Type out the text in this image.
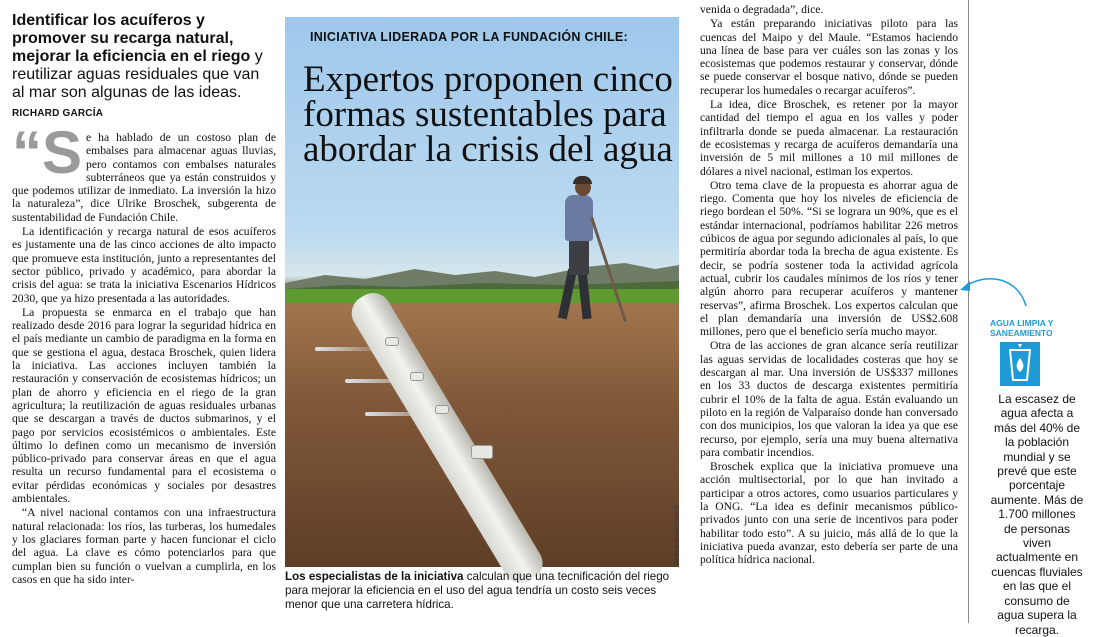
Identificar los acuíferos y promover su recarga natural, mejorar la eficiencia en el riego y reutilizar aguas residuales que van al mar son algunas de las ideas.
RICHARD GARCÍA
“S e ha hablado de un costoso plan de embalses para almacenar aguas lluvias, pero contamos con embalses naturales subterráneos que ya están construidos y que podemos utilizar de inmediato. La inversión la hizo la naturaleza”, dice Ulrike Broschek, subgerenta de sustentabilidad de Fundación Chile.

La identificación y recarga natural de esos acuíferos es justamente una de las cinco acciones de alto impacto que promueve esta institución, junto a representantes del sector público, privado y académico, para abordar la crisis del agua: se trata la iniciativa Escenarios Hídricos 2030, que ya hizo presentada a las autoridades.

La propuesta se enmarca en el trabajo que han realizado desde 2016 para lograr la seguridad hídrica en el país mediante un cambio de paradigma en la forma en que se gestiona el agua, destaca Broschek, quien lidera la iniciativa. Las acciones incluyen también la restauración y conservación de ecosistemas hídricos; un plan de ahorro y eficiencia en el riego de la gran agricultura; la reutilización de aguas residuales urbanas que se descargan a través de ductos submarinos, y el pago por servicios ecosistémicos o ambientales. Este último lo definen como un mecanismo de inversión público-privado para conservar áreas en que el agua resulta un recurso fundamental para el ecosistema o evitar pérdidas económicas y sociales por desastres ambientales.

“A nivel nacional contamos con una infraestructura natural relacionada: los ríos, las turberas, los humedales y los glaciares forman parte y hacen funcionar el ciclo del agua. La clave es cómo potenciarlos para que cumplan bien su función o vuelvan a cumplirla, en los casos en que ha sido inter-

INICIATIVA LIDERADA POR LA FUNDACIÓN CHILE:
Expertos proponen cinco formas sustentables para abordar la crisis del agua
PABLO MARDONES
Los especialistas de la iniciativa calculan que una tecnificación del riego para mejorar la eficiencia en el uso del agua tendría un costo seis veces menor que una carretera hídrica.

venida o degradada”, dice.

Ya están preparando iniciativas piloto para las cuencas del Maipo y del Maule. “Estamos haciendo una línea de base para ver cuáles son las zonas y los ecosistemas que podemos restaurar y conservar, dónde se puede conservar el bosque nativo, dónde se pueden recuperar los humedales o recargar acuíferos”.

La idea, dice Broschek, es retener por la mayor cantidad del tiempo el agua en los valles y poder infiltrarla donde se pueda almacenar. La restauración de ecosistemas y recarga de acuíferos demandaría una inversión de 5 mil millones a 10 mil millones de dólares a nivel nacional, estiman los expertos.

Otro tema clave de la propuesta es ahorrar agua de riego. Comenta que hoy los niveles de eficiencia de riego bordean el 50%. “Si se lograra un 90%, que es el estándar internacional, podríamos habilitar 226 metros cúbicos de agua por segundo adicionales al país, lo que permitiría abordar toda la brecha de agua existente. Es decir, se podría sostener toda la actividad agrícola actual, cubrir los caudales mínimos de los ríos y tener algún ahorro para recuperar acuíferos y mantener reservas”, afirma Broschek. Los expertos calculan que el plan demandaría una inversión de US$2.608 millones, pero que el beneficio sería mucho mayor.

Otra de las acciones de gran alcance sería reutilizar las aguas servidas de localidades costeras que hoy se descargan al mar. Una inversión de US$337 millones en los 33 ductos de descarga existentes permitiría cubrir el 10% de la falta de agua. Están evaluando un piloto en la región de Valparaíso donde han conversado con dos municipios, los que valoran la idea ya que ese recurso, por ejemplo, sería una muy buena alternativa para combatir incendios.

Broschek explica que la iniciativa promueve una acción multisectorial, por lo que han invitado a participar a otros actores, como usuarios particulares y la ONG. “La idea es definir mecanismos público-privados junto con una serie de incentivos para poder habilitar todo esto”. A su juicio, más allá de lo que la iniciativa pueda avanzar, esto debería ser parte de una política hídrica nacional.

AGUA LIMPIA Y SANEAMIENTO
La escasez de agua afecta a más del 40% de la población mundial y se prevé que este porcentaje aumente. Más de 1.700 millones de personas viven actualmente en cuencas fluviales en las que el consumo de agua supera la recarga.
